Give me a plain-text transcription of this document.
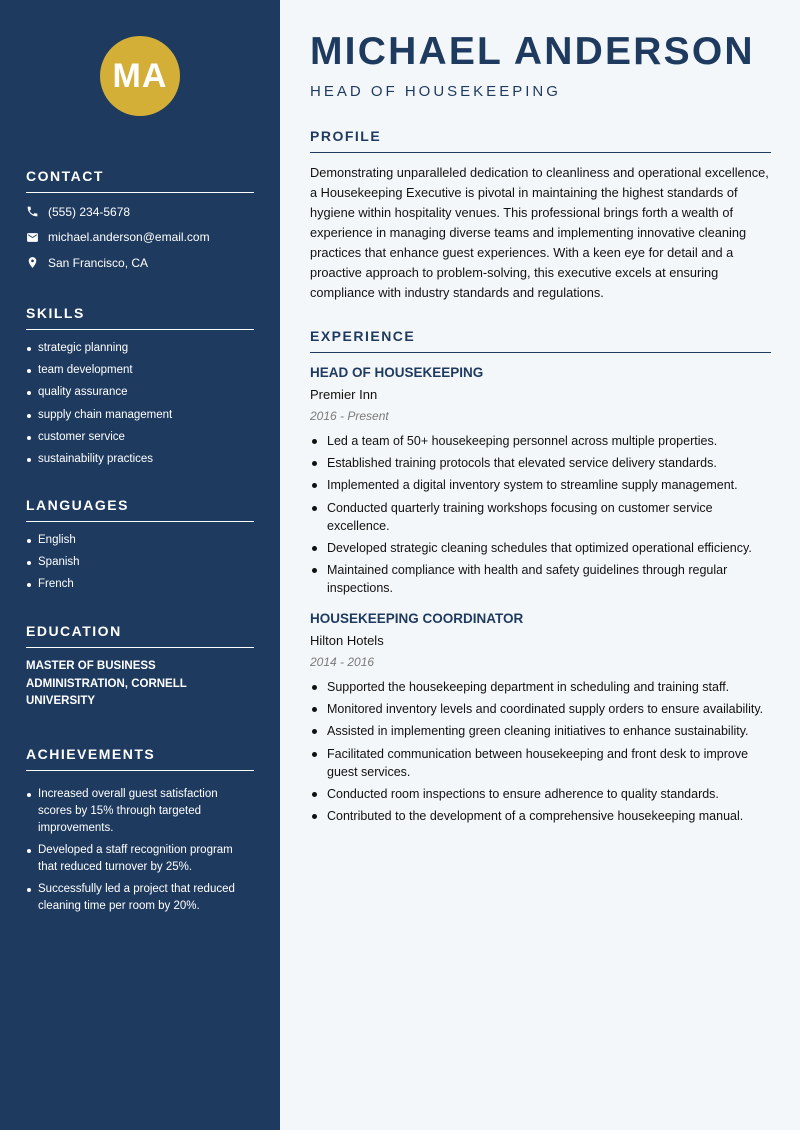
MA
CONTACT
(555) 234-5678
michael.anderson@email.com
San Francisco, CA
SKILLS
strategic planning
team development
quality assurance
supply chain management
customer service
sustainability practices
LANGUAGES
English
Spanish
French
EDUCATION
MASTER OF BUSINESS ADMINISTRATION, CORNELL UNIVERSITY
ACHIEVEMENTS
Increased overall guest satisfaction scores by 15% through targeted improvements.
Developed a staff recognition program that reduced turnover by 25%.
Successfully led a project that reduced cleaning time per room by 20%.
MICHAEL ANDERSON
HEAD OF HOUSEKEEPING
PROFILE

Demonstrating unparalleled dedication to cleanliness and operational excellence, a Housekeeping Executive is pivotal in maintaining the highest standards of hygiene within hospitality venues. This professional brings forth a wealth of experience in managing diverse teams and implementing innovative cleaning practices that enhance guest experiences. With a keen eye for detail and a proactive approach to problem-solving, this executive excels at ensuring compliance with industry standards and regulations.

EXPERIENCE
HEAD OF HOUSEKEEPING
Premier Inn
2016 - Present
Led a team of 50+ housekeeping personnel across multiple properties.
Established training protocols that elevated service delivery standards.
Implemented a digital inventory system to streamline supply management.
Conducted quarterly training workshops focusing on customer service excellence.
Developed strategic cleaning schedules that optimized operational efficiency.
Maintained compliance with health and safety guidelines through regular inspections.
HOUSEKEEPING COORDINATOR
Hilton Hotels
2014 - 2016
Supported the housekeeping department in scheduling and training staff.
Monitored inventory levels and coordinated supply orders to ensure availability.
Assisted in implementing green cleaning initiatives to enhance sustainability.
Facilitated communication between housekeeping and front desk to improve guest services.
Conducted room inspections to ensure adherence to quality standards.
Contributed to the development of a comprehensive housekeeping manual.
